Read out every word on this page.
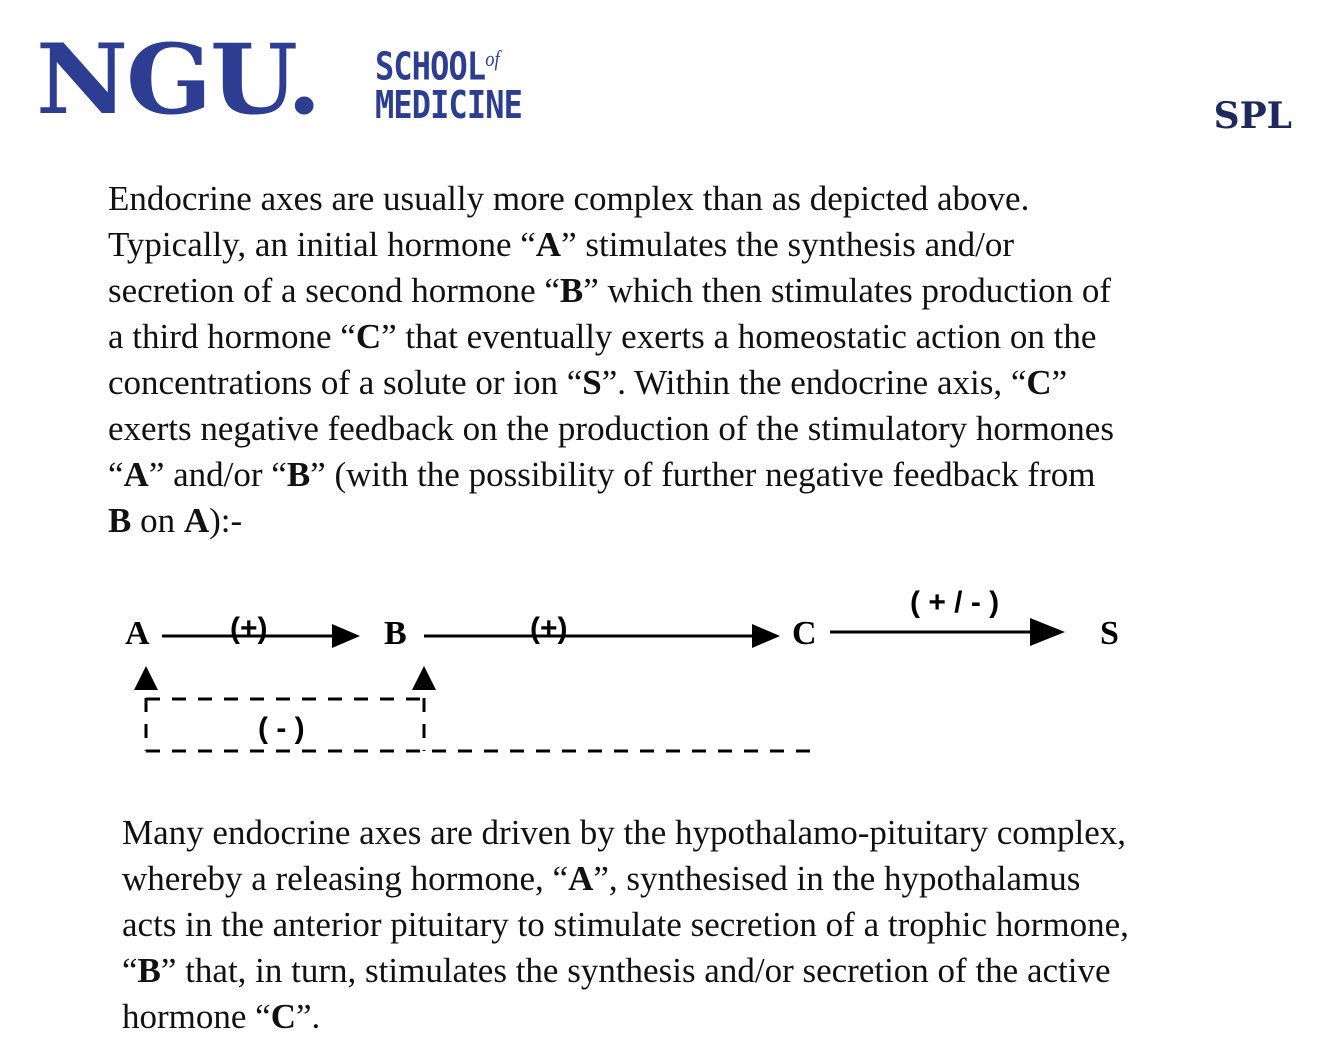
NGU. $SCHOOL^{of}$
MEDICINE	SPL
Endocrine axes are usually more complex than as depicted above.
Typically, an initial hormone “A” stimulates the synthesis and/or
secretion of a second hormone “B” which then stimulates production of
a third hormone “C” that eventually exerts a homeostatic action on the
concentrations of a solute or ion “S”. Within the endocrine axis, “C”
exerts negative feedback on the production of the stimulatory hormones
“A” and/or “B” (with the possibility of further negative feedback from
B on A):-
A	B	C	S
(+)	(+)
( + / - )
( - )
Many endocrine axes are driven by the hypothalamo-pituitary complex,
whereby a releasing hormone, “A”, synthesised in the hypothalamus
acts in the anterior pituitary to stimulate secretion of a trophic hormone,
“B” that, in turn, stimulates the synthesis and/or secretion of the active
hormone “C”.
